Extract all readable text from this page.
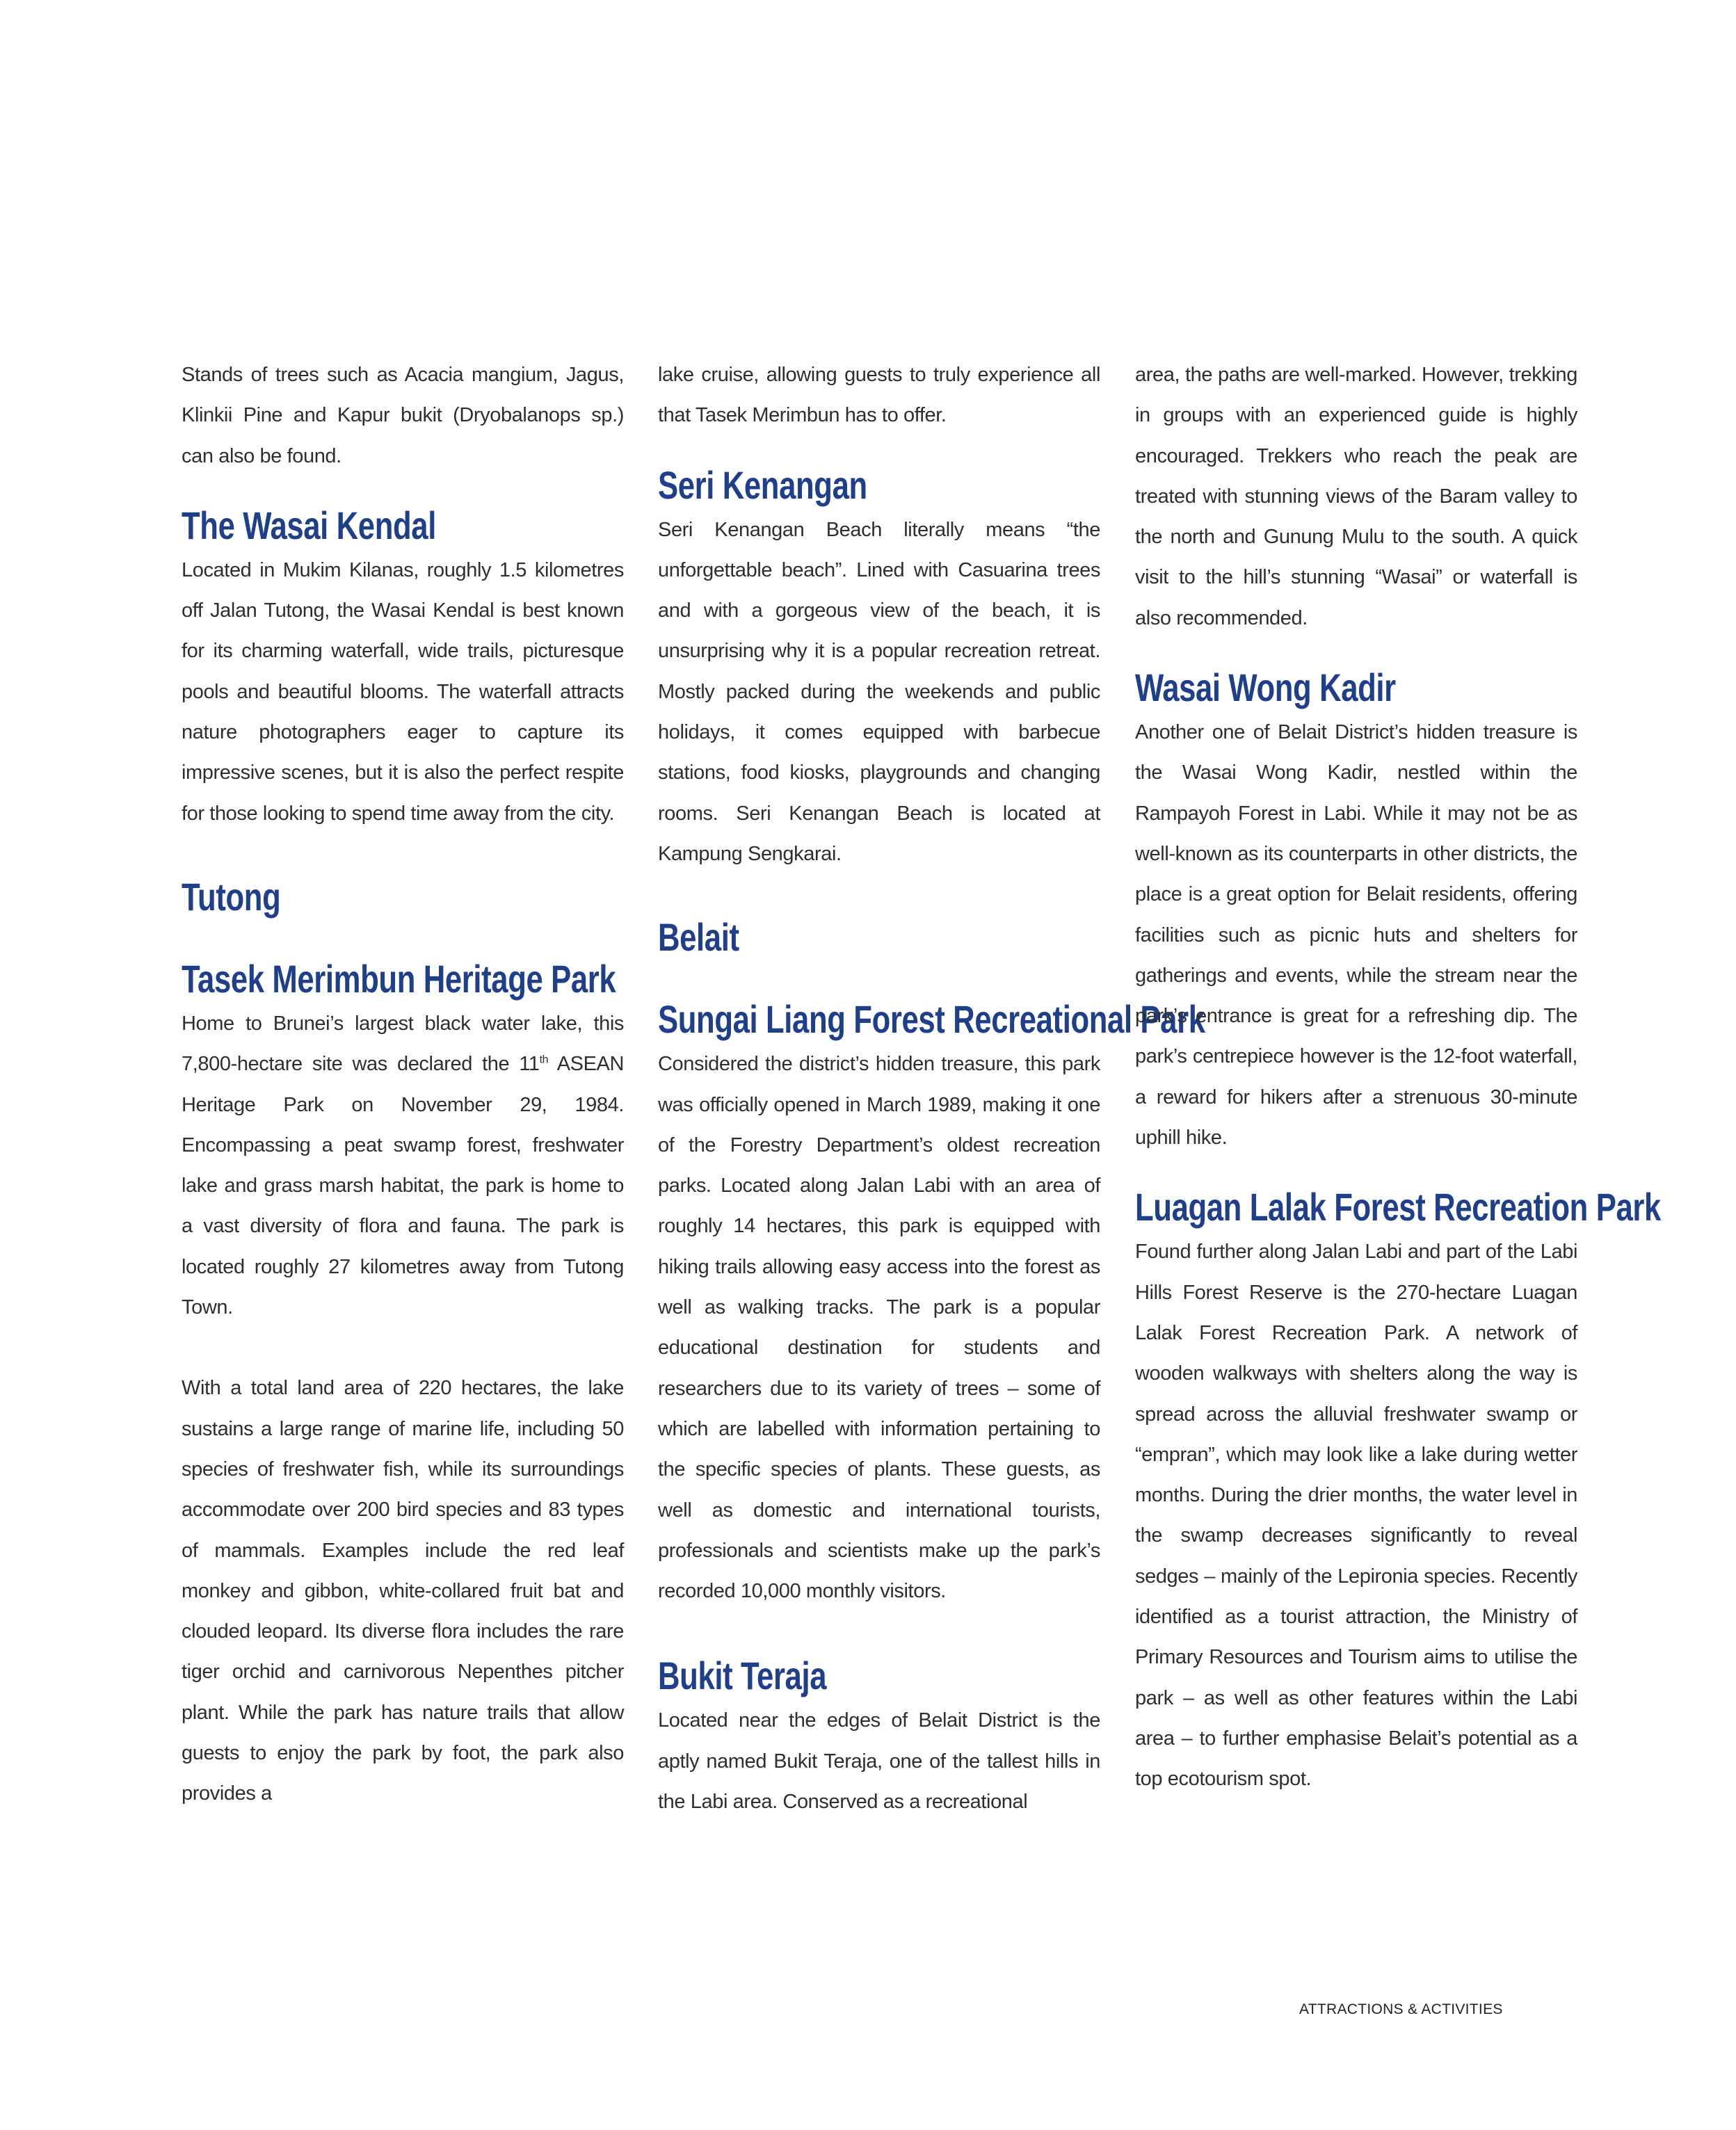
Stands of trees such as Acacia mangium, Jagus, Klinkii Pine and Kapur bukit (Dryobalanops sp.) can also be found.

The Wasai Kendal

Located in Mukim Kilanas, roughly 1.5 kilometres off Jalan Tutong, the Wasai Kendal is best known for its charming waterfall, wide trails, picturesque pools and beautiful blooms. The waterfall attracts nature photographers eager to capture its impressive scenes, but it is also the perfect respite for those looking to spend time away from the city.

Tutong
Tasek Merimbun Heritage Park

Home to Brunei’s largest black water lake, this 7,800-hectare site was declared the 11th ASEAN Heritage Park on November 29, 1984. Encompassing a peat swamp forest, freshwater lake and grass marsh habitat, the park is home to a vast diversity of flora and fauna. The park is located roughly 27 kilometres away from Tutong Town.

With a total land area of 220 hectares, the lake sustains a large range of marine life, including 50 species of freshwater fish, while its surroundings accommodate over 200 bird species and 83 types of mammals. Examples include the red leaf monkey and gibbon, white-collared fruit bat and clouded leopard. Its diverse flora includes the rare tiger orchid and carnivorous Nepenthes pitcher plant. While the park has nature trails that allow guests to enjoy the park by foot, the park also provides a

lake cruise, allowing guests to truly experience all that Tasek Merimbun has to offer.

Seri Kenangan

Seri Kenangan Beach literally means “the unforgettable beach”. Lined with Casuarina trees and with a gorgeous view of the beach, it is unsurprising why it is a popular recreation retreat. Mostly packed during the weekends and public holidays, it comes equipped with barbecue stations, food kiosks, playgrounds and changing rooms. Seri Kenangan Beach is located at Kampung Sengkarai.

Belait
Sungai Liang Forest Recreational Park

Considered the district’s hidden treasure, this park was officially opened in March 1989, making it one of the Forestry Department’s oldest recreation parks. Located along Jalan Labi with an area of roughly 14 hectares, this park is equipped with hiking trails allowing easy access into the forest as well as walking tracks. The park is a popular educational destination for students and researchers due to its variety of trees – some of which are labelled with information pertaining to the specific species of plants. These guests, as well as domestic and international tourists, professionals and scientists make up the park’s recorded 10,000 monthly visitors.

Bukit Teraja

Located near the edges of Belait District is the aptly named Bukit Teraja, one of the tallest hills in the Labi area. Conserved as a recreational

area, the paths are well-marked. However, trekking in groups with an experienced guide is highly encouraged. Trekkers who reach the peak are treated with stunning views of the Baram valley to the north and Gunung Mulu to the south. A quick visit to the hill’s stunning “Wasai” or waterfall is also recommended.

Wasai Wong Kadir

Another one of Belait District’s hidden treasure is the Wasai Wong Kadir, nestled within the Rampayoh Forest in Labi. While it may not be as well-known as its counterparts in other districts, the place is a great option for Belait residents, offering facilities such as picnic huts and shelters for gatherings and events, while the stream near the park’s entrance is great for a refreshing dip. The park’s centrepiece however is the 12-foot waterfall, a reward for hikers after a strenuous 30-minute uphill hike.

Luagan Lalak Forest Recreation Park

Found further along Jalan Labi and part of the Labi Hills Forest Reserve is the 270-hectare Luagan Lalak Forest Recreation Park. A network of wooden walkways with shelters along the way is spread across the alluvial freshwater swamp or “empran”, which may look like a lake during wetter months. During the drier months, the water level in the swamp decreases significantly to reveal sedges – mainly of the Lepironia species. Recently identified as a tourist attraction, the Ministry of Primary Resources and Tourism aims to utilise the park – as well as other features within the Labi area – to further emphasise Belait’s potential as a top ecotourism spot.

ATTRACTIONS & ACTIVITIES
